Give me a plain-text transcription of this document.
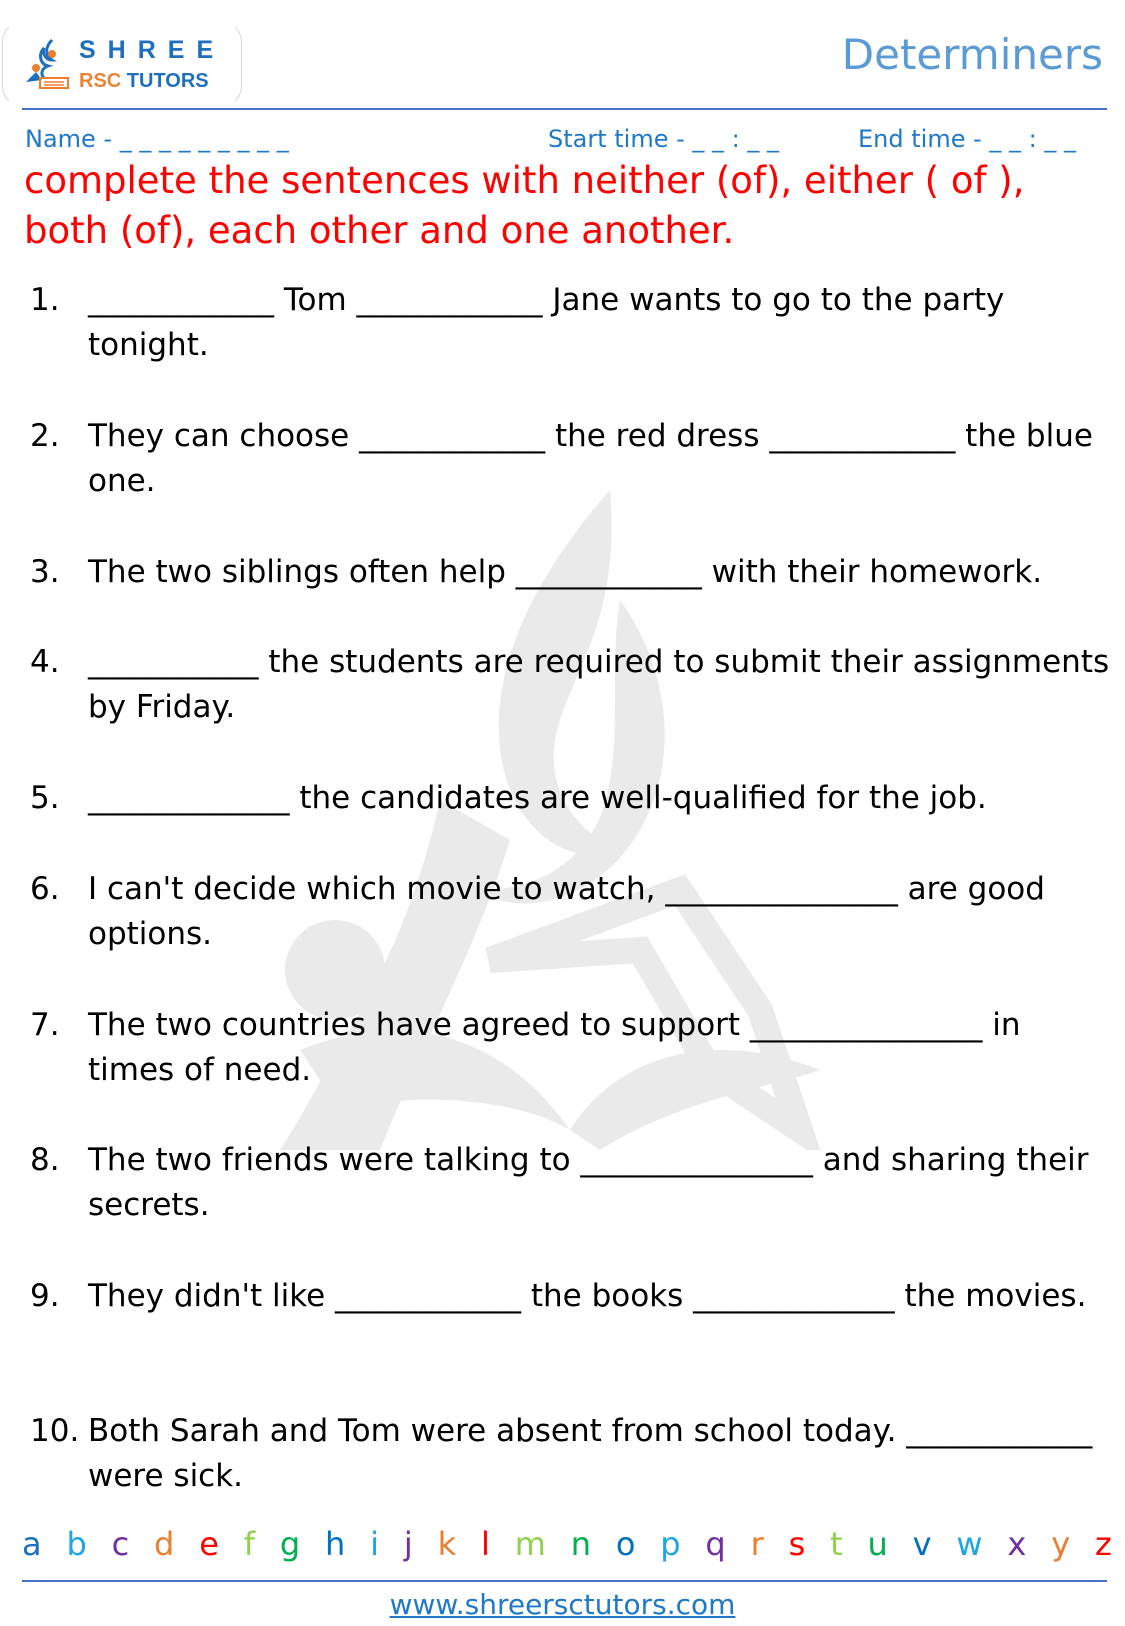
SHREE
RSC TUTORS
Determiners
Name - _ _ _ _ _ _ _ _ _	Start time - _ _ : _ _	End time - _ _ : _ _
complete the sentences with neither (of), either ( of ), both (of), each other and one another.
1. ____________ Tom ____________ Jane wants to go to the party tonight.
2. They can choose ____________ the red dress ____________ the blue one.
3. The two siblings often help ____________ with their homework.
4. ___________ the students are required to submit their assignments by Friday.
5. _____________ the candidates are well-qualified for the job.
6. I can't decide which movie to watch, _______________ are good options.
7. The two countries have agreed to support _______________ in times of need.
8. The two friends were talking to _______________ and sharing their secrets.
9. They didn't like ____________ the books _____________ the movies.
10. Both Sarah and Tom were absent from school today. ____________ were sick.
a b c d e f g h i j k l m n o p q r s t u v w x y z
www.shreersctutors.com
